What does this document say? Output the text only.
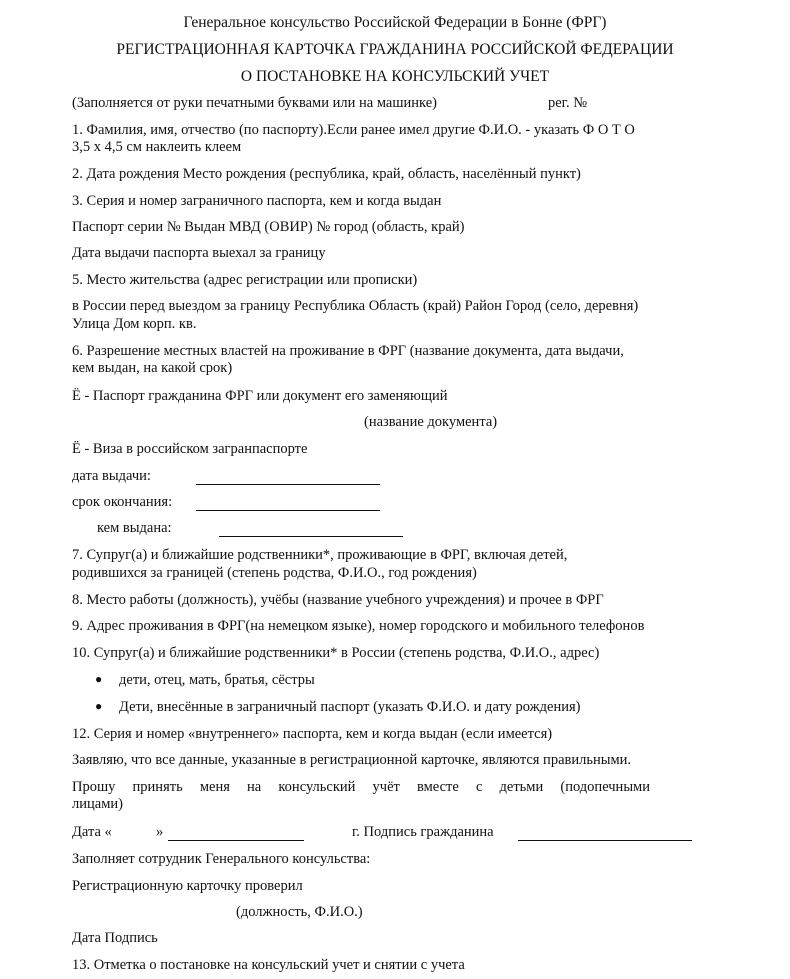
Генеральное консульство Российской Федерации в Бонне (ФРГ)
РЕГИСТРАЦИОННАЯ КАРТОЧКА ГРАЖДАНИНА РОССИЙСКОЙ ФЕДЕРАЦИИ
О ПОСТАНОВКЕ НА КОНСУЛЬСКИЙ УЧЕТ
(Заполняется от руки печатными буквами или на машинке)	рег. №
1. Фамилия, имя, отчество (по паспорту).Если ранее имел другие Ф.И.О. - указать Ф О Т О
3,5 х 4,5 см наклеить клеем
2. Дата рождения Место рождения (республика, край, область, населённый пункт)
3. Серия и номер заграничного паспорта, кем и когда выдан
Паспорт серии № Выдан МВД (ОВИР) № город (область, край)
Дата выдачи паспорта выехал за границу
5. Место жительства (адрес регистрации или прописки)
в России перед выездом за границу Республика Область (край) Район Город (село, деревня)
Улица Дом корп. кв.
6. Разрешение местных властей на проживание в ФРГ (название документа, дата выдачи,
кем выдан, на какой срок)
Ё - Паспорт гражданина ФРГ или документ его заменяющий
(название документа)
Ё - Виза в российском загранпаспорте
дата выдачи:
срок окончания:
кем выдана:
7. Супруг(а) и ближайшие родственники*, проживающие в ФРГ, включая детей,
родившихся за границей (степень родства, Ф.И.О., год рождения)
8. Место работы (должность), учёбы (название учебного учреждения) и прочее в ФРГ
9. Адрес проживания в ФРГ(на немецком языке), номер городского и мобильного телефонов
10. Супруг(а) и ближайшие родственники* в России (степень родства, Ф.И.О., адрес)
● дети, отец, мать, братья, сёстры
● Дети, внесённые в заграничный паспорт (указать Ф.И.О. и дату рождения)
12. Серия и номер «внутреннего» паспорта, кем и когда выдан (если имеется)
Заявляю, что все данные, указанные в регистрационной карточке, являются правильными.
Прошу принять меня на консульский учёт вместе с детьми (подопечными
лицами)
Дата «	»	г. Подпись гражданина
Заполняет сотрудник Генерального консульства:
Регистрационную карточку проверил
(должность, Ф.И.О.)
Дата Подпись
13. Отметка о постановке на консульский учет и снятии с учета
